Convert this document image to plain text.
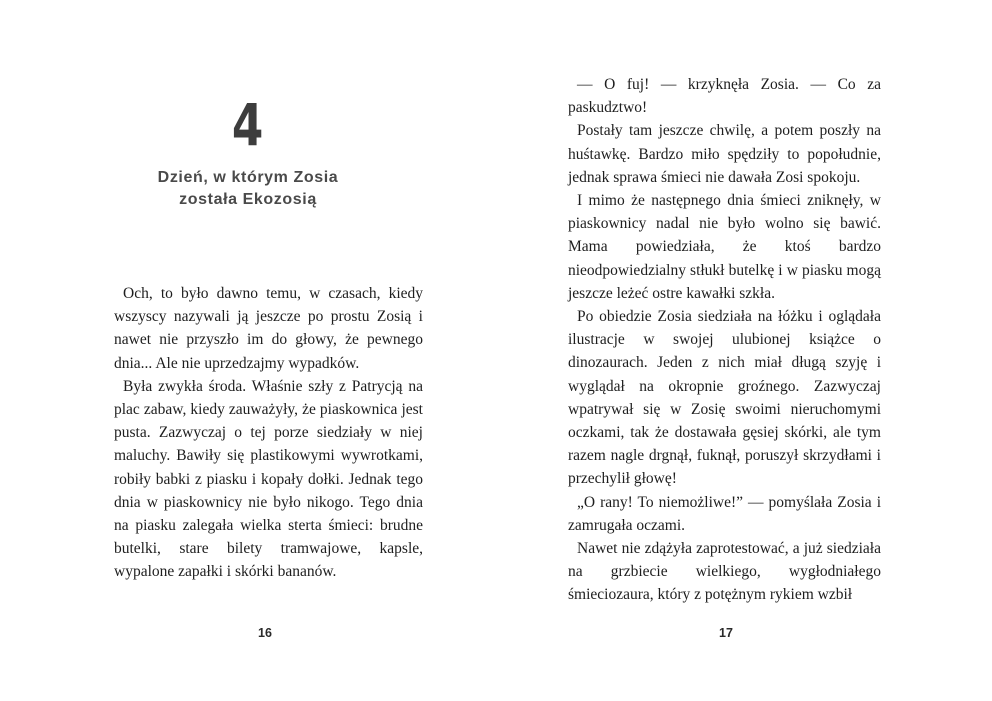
4
Dzień, w którym Zosia
została Ekozosią

Och, to było dawno temu, w czasach, kiedy wszyscy nazywali ją jeszcze po prostu Zosią i nawet nie przyszło im do głowy, że pewnego dnia... Ale nie uprzedzajmy wypadków.

Była zwykła środa. Właśnie szły z Patrycją na plac zabaw, kiedy zauważyły, że piaskownica jest pusta. Zazwyczaj o tej porze siedziały w niej maluchy. Bawiły się plastikowymi wywrotkami, robiły babki z piasku i kopały dołki. Jednak tego dnia w piaskownicy nie było nikogo. Tego dnia na piasku zalegała wielka sterta śmieci: brudne butelki, stare bilety tramwajowe, kapsle, wypalone zapałki i skórki bananów.

16

— O fuj! — krzyknęła Zosia. — Co za paskudztwo!

Postały tam jeszcze chwilę, a potem poszły na huśtawkę. Bardzo miło spędziły to popołudnie, jednak sprawa śmieci nie dawała Zosi spokoju.

I mimo że następnego dnia śmieci zniknęły, w piaskownicy nadal nie było wolno się bawić. Mama powiedziała, że ktoś bardzo nieodpowiedzialny stłukł butelkę i w piasku mogą jeszcze leżeć ostre kawałki szkła.

Po obiedzie Zosia siedziała na łóżku i oglądała ilustracje w swojej ulubionej książce o dinozaurach. Jeden z nich miał długą szyję i wyglądał na okropnie groźnego. Zazwyczaj wpatrywał się w Zosię swoimi nieruchomymi oczkami, tak że dostawała gęsiej skórki, ale tym razem nagle drgnął, fuknął, poruszył skrzydłami i przechylił głowę!

„O rany! To niemożliwe!” — pomyślała Zosia i zamrugała oczami.

Nawet nie zdążyła zaprotestować, a już siedziała na grzbiecie wielkiego, wygłodniałego śmieciozaura, który z potężnym rykiem wzbił

17
